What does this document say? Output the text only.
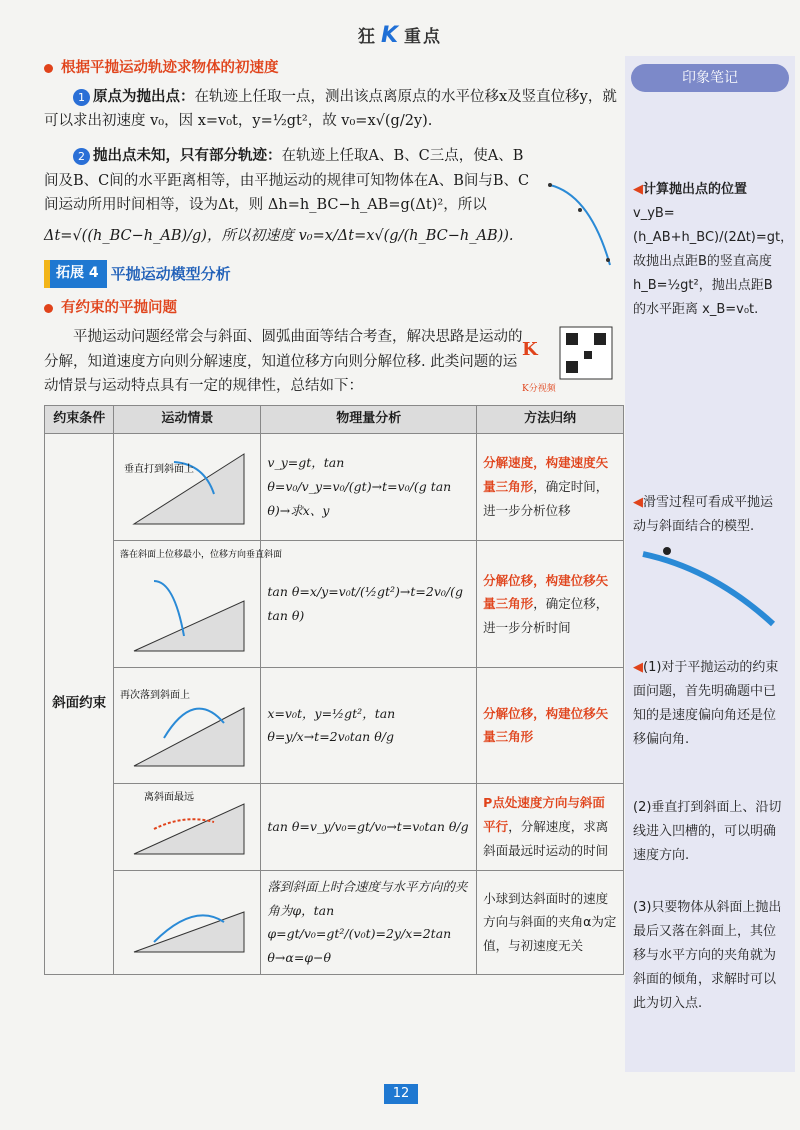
狂 K 重点
根据平抛运动轨迹求物体的初速度
1 原点为抛出点：在轨迹上任取一点，测出该点离原点的水平位移x及竖直位移y，就可以求出初速度 v₀，因 x=v₀t，y=½gt²，故 v₀=x√(g/2y).
2 抛出点未知，只有部分轨迹：在轨迹上任取A、B、C三点，使A、B间及B、C间的水平距离相等，由平抛运动的规律可知物体在A、B间与B、C间运动所用时间相等，设为Δt，则 Δh=h_BC−h_AB=g(Δt)²，所以
Δt=√((h_BC−h_AB)/g)，所以初速度 v₀=x/Δt=x√(g/(h_BC−h_AB)).
拓展 4 平抛运动模型分析
有约束的平抛问题
平抛运动问题经常会与斜面、圆弧曲面等结合考查，解决思路是运动的分解，知道速度方向则分解速度，知道位移方向则分解位移. 此类问题的运动情景与运动特点具有一定的规律性，总结如下：
约束条件	运动情景	物理量分析	方法归纳
斜面约束	垂直打到斜面上	v_y=gt，tan θ=v₀/v_y=v₀/(gt)→t=v₀/(g tan θ)→求x、y	分解速度，构建速度矢量三角形，确定时间，进一步分析位移

落在斜面上位移最小，位移方向垂直斜面	tan θ=x/y=v₀t/(½gt²)→t=2v₀/(g tan θ)	分解位移，构建位移矢量三角形，确定位移，进一步分析时间

再次落到斜面上	x=v₀t，y=½gt²，tan θ=y/x→t=2v₀tan θ/g	分解位移，构建位移矢量三角形

离斜面最远	tan θ=v_y/v₀=gt/v₀→t=v₀tan θ/g	P点处速度方向与斜面平行，分解速度，求离斜面最远时运动的时间
	落到斜面上时合速度与水平方向的夹角为φ，tan φ=gt/v₀=gt²/(v₀t)=2y/x=2tan θ→α=φ−θ	小球到达斜面时的速度方向与斜面的夹角α为定值，与初速度无关
K
K分视频
印象笔记
◀计算抛出点的位置
v_yB=(h_AB+h_BC)/(2Δt)=gt，故抛出点距B的竖直高度 h_B=½gt²，抛出点距B的水平距离 x_B=v₀t.
◀滑雪过程可看成平抛运动与斜面结合的模型.
◀(1)对于平抛运动的约束面问题，首先明确题中已知的是速度偏向角还是位移偏向角.
(2)垂直打到斜面上、沿切线进入凹槽的，可以明确速度方向.
(3)只要物体从斜面上抛出最后又落在斜面上，其位移与水平方向的夹角就为斜面的倾角，求解时可以此为切入点.
12
